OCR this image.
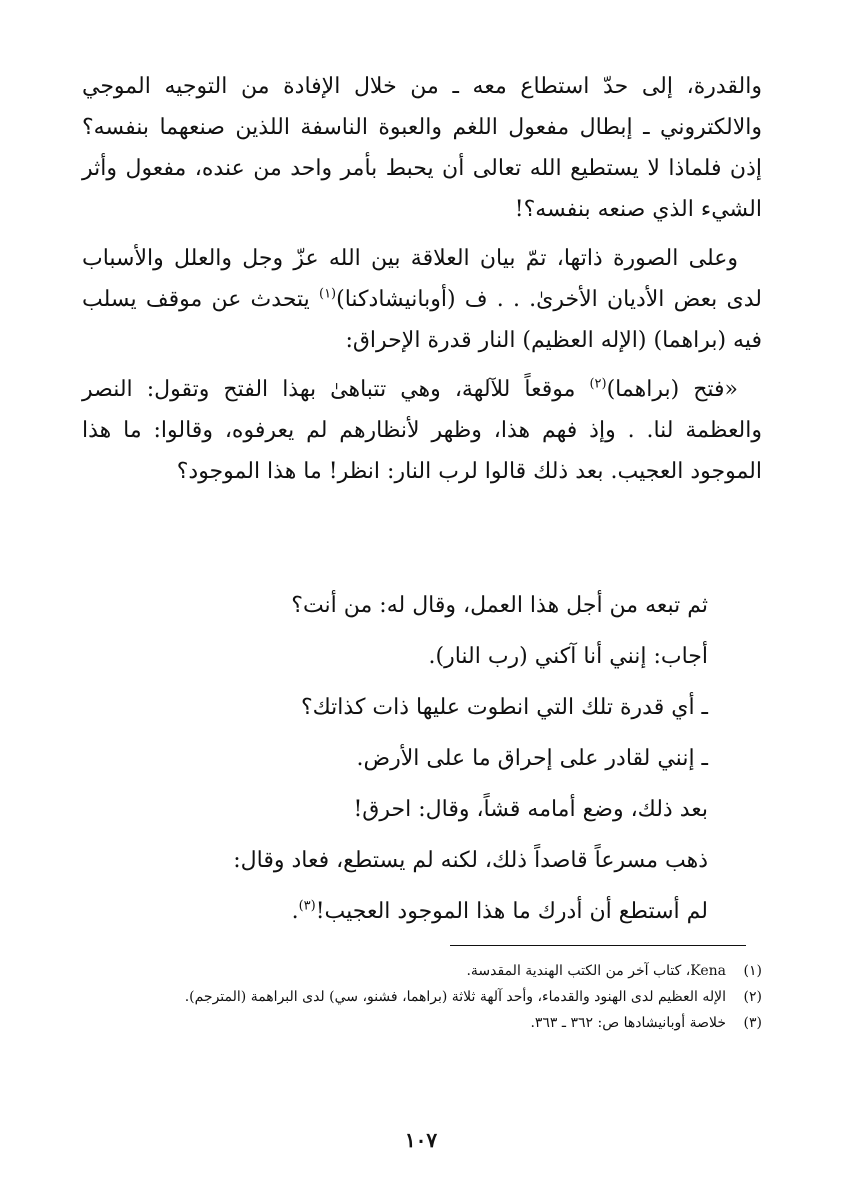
والقدرة، إلى حدّ استطاع معه ـ من خلال الإفادة من التوجيه الموجي والالكتروني ـ إبطال مفعول اللغم والعبوة الناسفة اللذين صنعهما بنفسه؟ إذن فلماذا لا يستطيع الله تعالى أن يحبط بأمر واحد من عنده، مفعول وأثر الشيء الذي صنعه بنفسه؟!

وعلى الصورة ذاتها، تمّ بيان العلاقة بين الله عزّ وجل والعلل والأسباب لدى بعض الأديان الأخرىٰ. . . ف (أوبانيشادكنا)$^{(١)}$ يتحدث عن موقف يسلب فيه (براهما) (الإله العظيم) النار قدرة الإحراق:

«فتح (براهما)$^{(٢)}$ موقعاً للآلهة، وهي تتباهىٰ بهذا الفتح وتقول: النصر والعظمة لنا. . وإذ فهم هذا، وظهر لأنظارهم لم يعرفوه، وقالوا: ما هذا الموجود العجيب. بعد ذلك قالوا لرب النار: انظر! ما هذا الموجود؟

ثم تبعه من أجل هذا العمل، وقال له: من أنت؟
أجاب: إنني أنا آكني (رب النار).
ـ أي قدرة تلك التي انطوت عليها ذات كذاتك؟
ـ إنني لقادر على إحراق ما على الأرض.
بعد ذلك، وضع أمامه قشاً، وقال: احرق!
ذهب مسرعاً قاصداً ذلك، لكنه لم يستطع، فعاد وقال:
لم أستطع أن أدرك ما هذا الموجود العجيب!$^{(٣)}$.
(١)
Kena، كتاب آخر من الكتب الهندية المقدسة.
(٢)
الإله العظيم لدى الهنود والقدماء، وأحد آلهة ثلاثة (براهما، فشنو، سي) لدى البراهمة (المترجم).
(٣)
خلاصة أوبانيشادها ص: ٣٦٢ ـ ٣٦٣.
١٠٧
